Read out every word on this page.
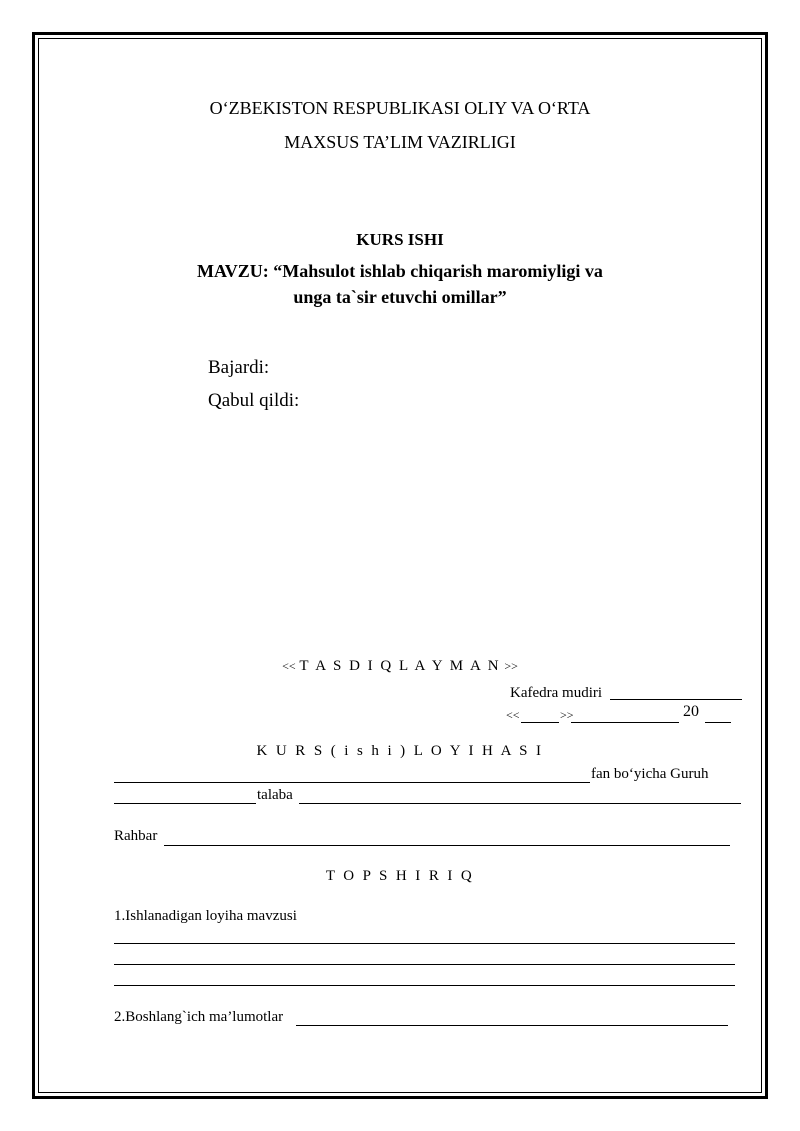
O‘ZBEKISTON RESPUBLIKASI OLIY VA O‘RTA
MAXSUS TA’LIM VAZIRLIGI
KURS ISHI
MAVZU: “Mahsulot ishlab chiqarish maromiyligi va
unga ta`sir etuvchi omillar”
Bajardi:
Qabul qildi:
<< T A S D I Q L A Y M A N >>
Kafedra mudiri
<<	>>	20
K U R S ( i s h i ) L O Y I H A S I
fan bo‘yicha Guruh
talaba
Rahbar
T O P S H I R I Q
1.Ishlanadigan loyiha mavzusi
2.Boshlang`ich ma’lumotlar
